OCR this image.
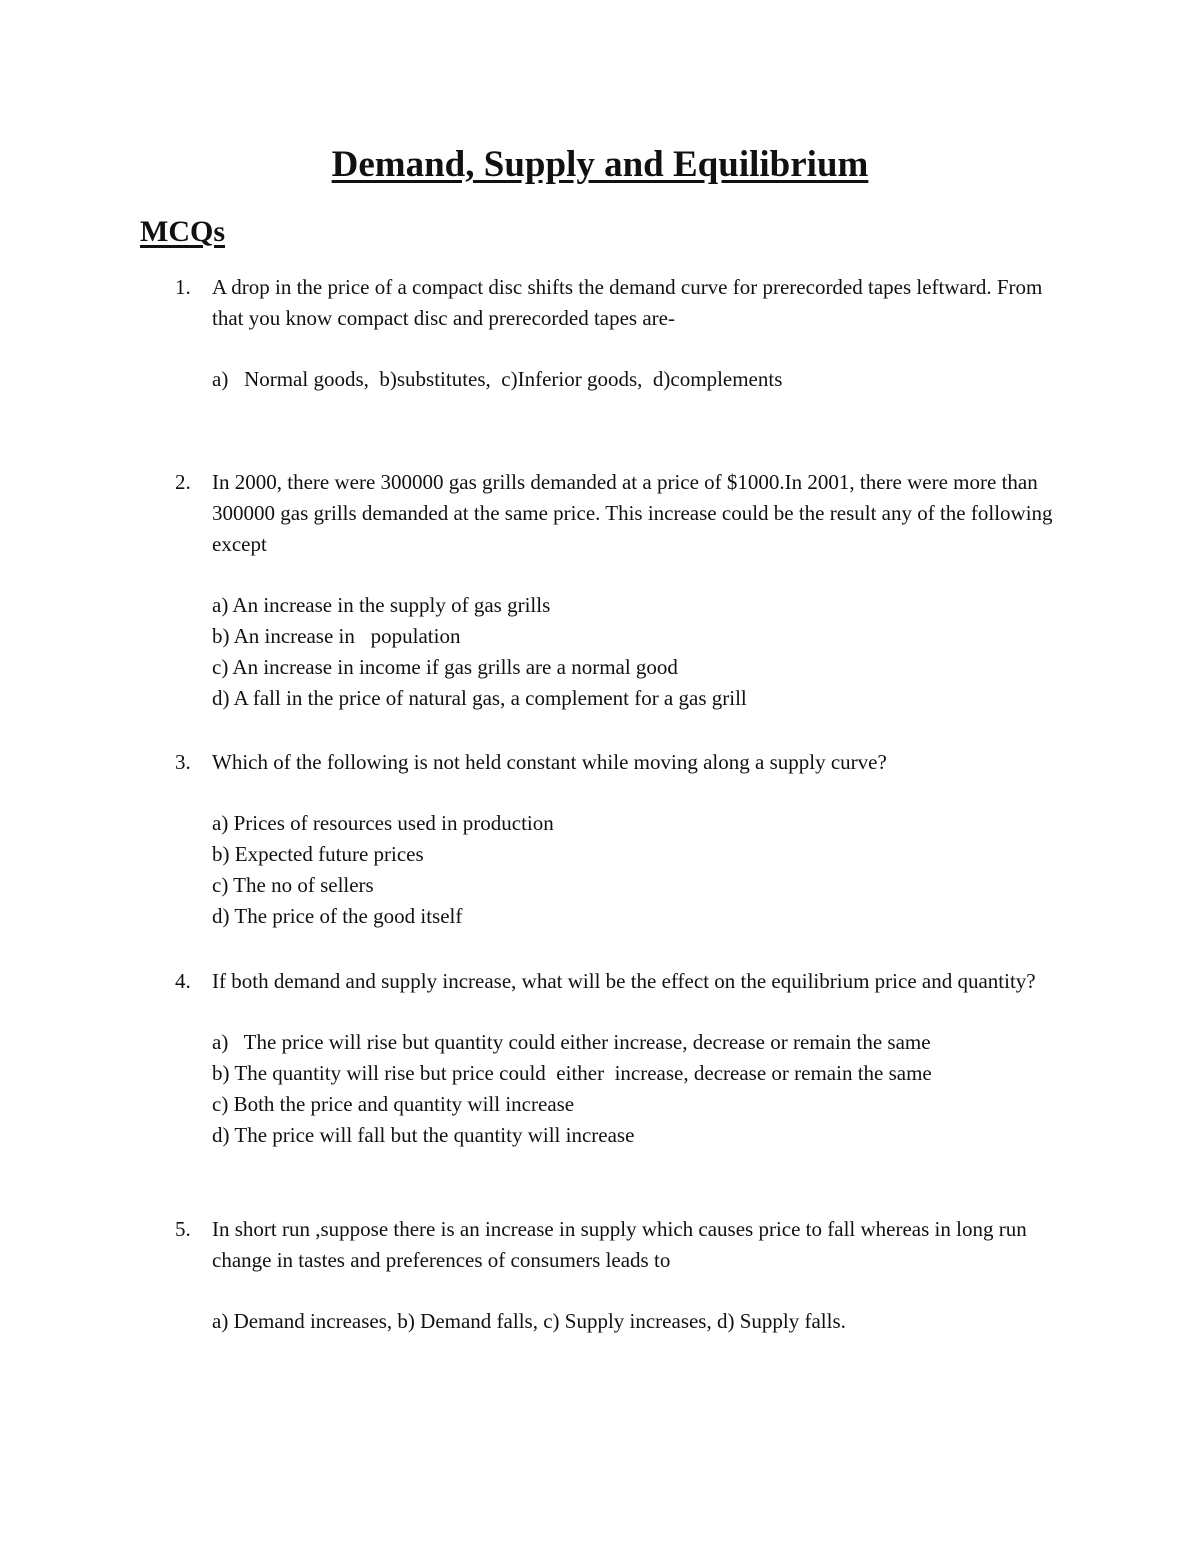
Demand, Supply and Equilibrium
MCQs
1. A drop in the price of a compact disc shifts the demand curve for prerecorded tapes leftward. From that you know compact disc and prerecorded tapes are-
a)   Normal goods,  b)substitutes,  c)Inferior goods,  d)complements
2. In 2000, there were 300000 gas grills demanded at a price of $1000.In 2001, there were more than 300000 gas grills demanded at the same price. This increase could be the result any of the following except
a) An increase in the supply of gas grills
b) An increase in   population
c) An increase in income if gas grills are a normal good
d) A fall in the price of natural gas, a complement for a gas grill
3. Which of the following is not held constant while moving along a supply curve?
a) Prices of resources used in production
b) Expected future prices
c) The no of sellers
d) The price of the good itself
4. If both demand and supply increase, what will be the effect on the equilibrium price and quantity?
a)   The price will rise but quantity could either increase, decrease or remain the same
b) The quantity will rise but price could  either  increase, decrease or remain the same
c) Both the price and quantity will increase
d) The price will fall but the quantity will increase
5. In short run ,suppose there is an increase in supply which causes price to fall whereas in long run change in tastes and preferences of consumers leads to
a) Demand increases, b) Demand falls, c) Supply increases, d) Supply falls.
